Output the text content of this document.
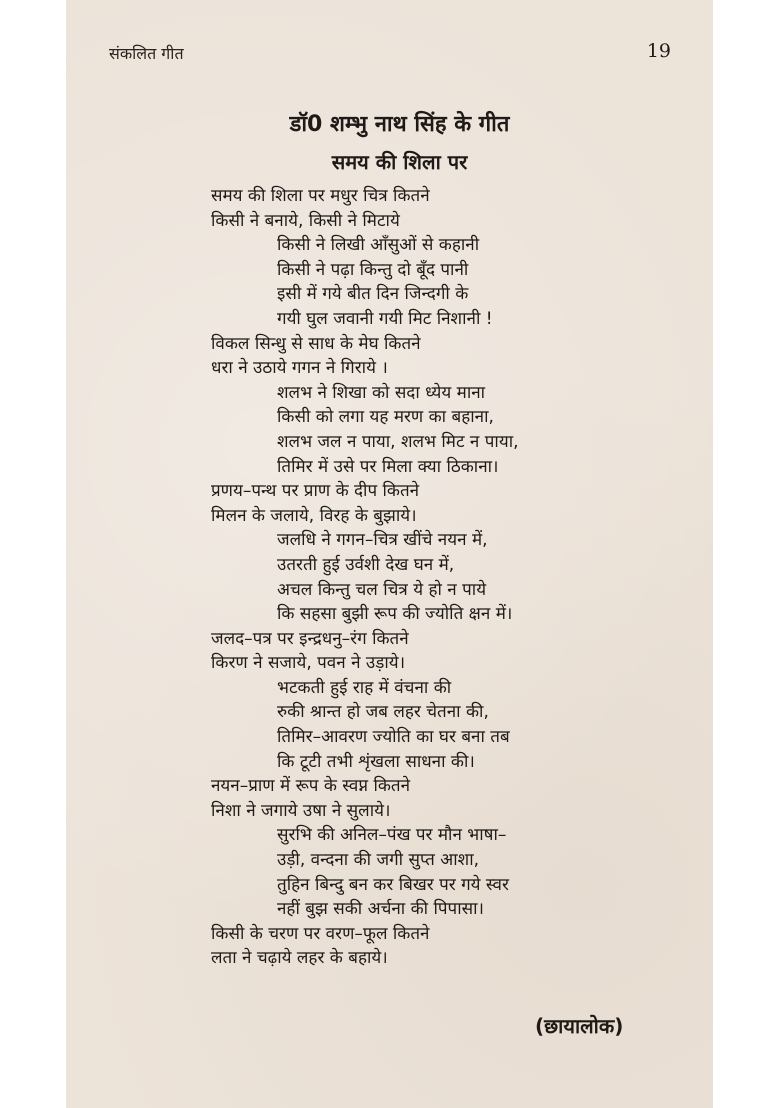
संकलित गीत	19
डॉ0 शम्भु नाथ सिंह के गीत
समय की शिला पर
समय की शिला पर मधुर चित्र कितने
किसी ने बनाये, किसी ने मिटाये
किसी ने लिखी आँसुओं से कहानी
किसी ने पढ़ा किन्तु दो बूँद पानी
इसी में गये बीत दिन जिन्दगी के
गयी घुल जवानी गयी मिट निशानी !
विकल सिन्धु से साध के मेघ कितने
धरा ने उठाये गगन ने गिराये ।
शलभ ने शिखा को सदा ध्येय माना
किसी को लगा यह मरण का बहाना,
शलभ जल न पाया, शलभ मिट न पाया,
तिमिर में उसे पर मिला क्या ठिकाना।
प्रणय–पन्थ पर प्राण के दीप कितने
मिलन के जलाये, विरह के बुझाये।
जलधि ने गगन–चित्र खींचे नयन में,
उतरती हुई उर्वशी देख घन में,
अचल किन्तु चल चित्र ये हो न पाये
कि सहसा बुझी रूप की ज्योति क्षन में।
जलद–पत्र पर इन्द्रधनु–रंग कितने
किरण ने सजाये, पवन ने उड़ाये।
भटकती हुई राह में वंचना की
रुकी श्रान्त हो जब लहर चेतना की,
तिमिर–आवरण ज्योति का घर बना तब
कि टूटी तभी शृंखला साधना की।
नयन–प्राण में रूप के स्वप्न कितने
निशा ने जगाये उषा ने सुलाये।
सुरभि की अनिल–पंख पर मौन भाषा–
उड़ी, वन्दना की जगी सुप्त आशा,
तुहिन बिन्दु बन कर बिखर पर गये स्वर
नहीं बुझ सकी अर्चना की पिपासा।
किसी के चरण पर वरण–फूल कितने
लता ने चढ़ाये लहर के बहाये।
(छायालोक)
